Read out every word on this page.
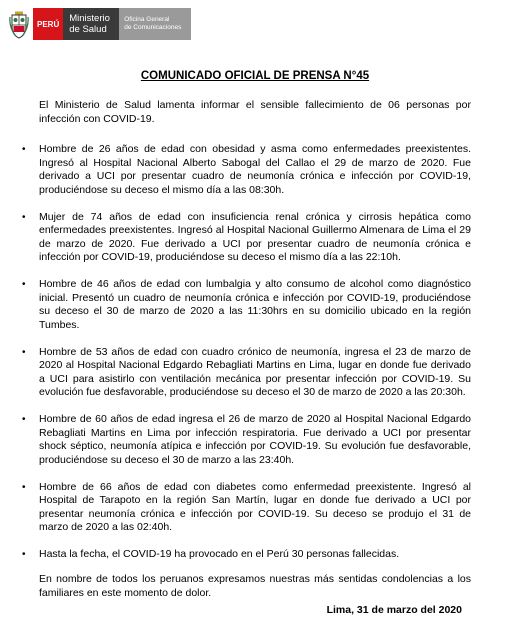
PERÚ Ministerio
de Salud
Oficina General
de Comunicaciones
COMUNICADO OFICIAL DE PRENSA N°45
El Ministerio de Salud lamenta informar el sensible fallecimiento de 06 personas por infección con COVID-19.
• Hombre de 26 años de edad con obesidad y asma como enfermedades preexistentes. Ingresó al Hospital Nacional Alberto Sabogal del Callao el 29 de marzo de 2020. Fue derivado a UCI por presentar cuadro de neumonía crónica e infección por COVID-19, produciéndose su deceso el mismo día a las 08:30h.
• Mujer de 74 años de edad con insuficiencia renal crónica y cirrosis hepática como enfermedades preexistentes. Ingresó al Hospital Nacional Guillermo Almenara de Lima el 29 de marzo de 2020. Fue derivado a UCI por presentar cuadro de neumonía crónica e infección por COVID-19, produciéndose su deceso el mismo día a las 22:10h.
• Hombre de 46 años de edad con lumbalgia y alto consumo de alcohol como diagnóstico inicial. Presentó un cuadro de neumonía crónica e infección por COVID-19, produciéndose su deceso el 30 de marzo de 2020 a las 11:30hrs en su domicilio ubicado en la región Tumbes.
• Hombre de 53 años de edad con cuadro crónico de neumonía, ingresa el 23 de marzo de 2020 al Hospital Nacional Edgardo Rebagliati Martins en Lima, lugar en donde fue derivado a UCI para asistirlo con ventilación mecánica por presentar infección por COVID-19. Su evolución fue desfavorable, produciéndose su deceso el 30 de marzo de 2020 a las 20:30h.
• Hombre de 60 años de edad ingresa el 26 de marzo de 2020 al Hospital Nacional Edgardo Rebagliati Martins en Lima por infección respiratoria. Fue derivado a UCI por presentar shock séptico, neumonía atípica e infección por COVID-19. Su evolución fue desfavorable, produciéndose su deceso el 30 de marzo a las 23:40h.
• Hombre de 66 años de edad con diabetes como enfermedad preexistente. Ingresó al Hospital de Tarapoto en la región San Martín, lugar en donde fue derivado a UCI por presentar neumonía crónica e infección por COVID-19. Su deceso se produjo el 31 de marzo de 2020 a las 02:40h.
• Hasta la fecha, el COVID-19 ha provocado en el Perú 30 personas fallecidas.
En nombre de todos los peruanos expresamos nuestras más sentidas condolencias a los familiares en este momento de dolor.
Lima, 31 de marzo del 2020
